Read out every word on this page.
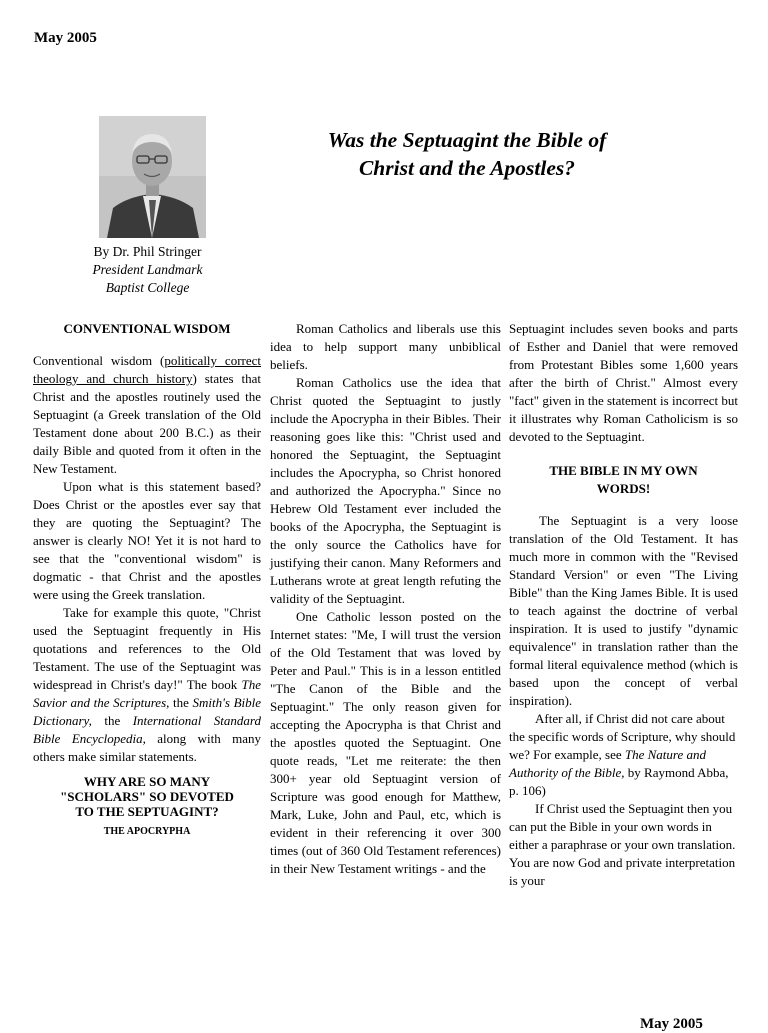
May 2005
Was the Septuagint the Bible of
Christ and the Apostles?
By Dr. Phil Stringer
President Landmark
Baptist College
CONVENTIONAL WISDOM

Conventional wisdom (politically correct theology and church history) states that Christ and the apostles routinely used the Septuagint (a Greek translation of the Old Testament done about 200 B.C.) as their daily Bible and quoted from it often in the New Testament.

Upon what is this statement based? Does Christ or the apostles ever say that they are quoting the Septuagint? The answer is clearly NO! Yet it is not hard to see that the "conventional wisdom" is dogmatic - that Christ and the apostles were using the Greek translation.

Take for example this quote, "Christ used the Septuagint frequently in His quotations and references to the Old Testament. The use of the Septuagint was widespread in Christ's day!" The book The Savior and the Scriptures, the Smith's Bible Dictionary, the International Standard Bible Encyclopedia, along with many others make similar statements.

WHY ARE SO MANY
"SCHOLARS" SO DEVOTED
TO THE SEPTUAGINT?
THE APOCRYPHA

Roman Catholics and liberals use this idea to help support many unbiblical beliefs.

Roman Catholics use the idea that Christ quoted the Septuagint to justly include the Apocrypha in their Bibles. Their reasoning goes like this: "Christ used and honored the Septuagint, the Septuagint includes the Apocrypha, so Christ honored and authorized the Apocrypha." Since no Hebrew Old Testament ever included the books of the Apocrypha, the Septuagint is the only source the Catholics have for justifying their canon. Many Reformers and Lutherans wrote at great length refuting the validity of the Septuagint.

One Catholic lesson posted on the Internet states: "Me, I will trust the version of the Old Testament that was loved by Peter and Paul." This is in a lesson entitled "The Canon of the Bible and the Septuagint." The only reason given for accepting the Apocrypha is that Christ and the apostles quoted the Septuagint. One quote reads, "Let me reiterate: the then 300+ year old Septuagint version of Scripture was good enough for Matthew, Mark, Luke, John and Paul, etc, which is evident in their referencing it over 300 times (out of 360 Old Testament references) in their New Testament writings - and the

Septuagint includes seven books and parts of Esther and Daniel that were removed from Protestant Bibles some 1,600 years after the birth of Christ." Almost every "fact" given in the statement is incorrect but it illustrates why Roman Catholicism is so devoted to the Septuagint.

THE BIBLE IN MY OWN
WORDS!

The Septuagint is a very loose translation of the Old Testament. It has much more in common with the "Revised Standard Version" or even "The Living Bible" than the King James Bible. It is used to teach against the doctrine of verbal inspiration. It is used to justify "dynamic equivalence" in translation rather than the formal literal equivalence method (which is based upon the concept of verbal inspiration).

After all, if Christ did not care about the specific words of Scripture, why should we? For example, see The Nature and Authority of the Bible, by Raymond Abba, p. 106)

If Christ used the Septuagint then you can put the Bible in your own words in either a paraphrase or your own translation. You are now God and private interpretation is your

May 2005
